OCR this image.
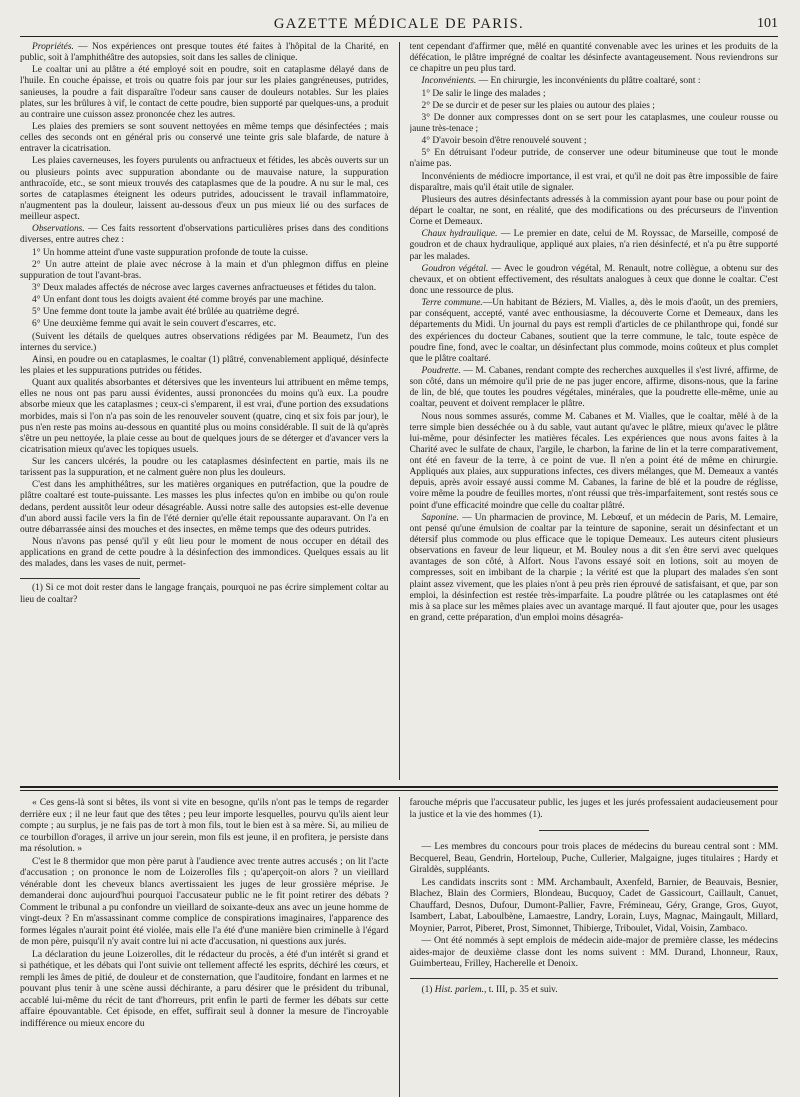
GAZETTE MÉDICALE DE PARIS.	101

Propriétés. — Nos expériences ont presque toutes été faites à l'hôpital de la Charité, en public, soit à l'amphithéâtre des autopsies, soit dans les salles de clinique.

Le coaltar uni au plâtre a été employé soit en poudre, soit en cataplasme délayé dans de l'huile. En couche épaisse, et trois ou quatre fois par jour sur les plaies gangréneuses, putrides, sanieuses, la poudre a fait disparaître l'odeur sans causer de douleurs notables. Sur les plaies plates, sur les brûlures à vif, le contact de cette poudre, bien supporté par quelques-uns, a produit au contraire une cuisson assez prononcée chez les autres.

Les plaies des premiers se sont souvent nettoyées en même temps que désinfectées ; mais celles des seconds ont en général pris ou conservé une teinte gris sale blafarde, de nature à entraver la cicatrisation.

Les plaies caverneuses, les foyers purulents ou anfractueux et fétides, les abcès ouverts sur un ou plusieurs points avec suppuration abondante ou de mauvaise nature, la suppuration anthracoïde, etc., se sont mieux trouvés des cataplasmes que de la poudre. A nu sur le mal, ces sortes de cataplasmes éteignent les odeurs putrides, adoucissent le travail inflammatoire, n'augmentent pas la douleur, laissent au-dessous d'eux un pus mieux lié ou des surfaces de meilleur aspect.

Observations. — Ces faits ressortent d'observations particulières prises dans des conditions diverses, entre autres chez :

1° Un homme atteint d'une vaste suppuration profonde de toute la cuisse.

2° Un autre atteint de plaie avec nécrose à la main et d'un phlegmon diffus en pleine suppuration de tout l'avant-bras.

3° Deux malades affectés de nécrose avec larges cavernes anfractueuses et fétides du talon.

4° Un enfant dont tous les doigts avaient été comme broyés par une machine.

5° Une femme dont toute la jambe avait été brûlée au quatrième degré.

6° Une deuxième femme qui avait le sein couvert d'escarres, etc.

(Suivent les détails de quelques autres observations rédigées par M. Beaumetz, l'un des internes du service.)

Ainsi, en poudre ou en cataplasmes, le coaltar (1) plâtré, convenablement appliqué, désinfecte les plaies et les suppurations putrides ou fétides.

Quant aux qualités absorbantes et détersives que les inventeurs lui attribuent en même temps, elles ne nous ont pas paru aussi évidentes, aussi prononcées du moins qu'à eux. La poudre absorbe mieux que les cataplasmes ; ceux-ci s'emparent, il est vrai, d'une portion des exsudations morbides, mais si l'on n'a pas soin de les renouveler souvent (quatre, cinq et six fois par jour), le pus n'en reste pas moins au-dessous en quantité plus ou moins considérable. Il suit de là qu'après s'être un peu nettoyée, la plaie cesse au bout de quelques jours de se déterger et d'avancer vers la cicatrisation mieux qu'avec les topiques usuels.

Sur les cancers ulcérés, la poudre ou les cataplasmes désinfectent en partie, mais ils ne tarissent pas la suppuration, et ne calment guère non plus les douleurs.

C'est dans les amphithéâtres, sur les matières organiques en putréfaction, que la poudre de plâtre coaltaré est toute-puissante. Les masses les plus infectes qu'on en imbibe ou qu'on roule dedans, perdent aussitôt leur odeur désagréable. Aussi notre salle des autopsies est-elle devenue d'un abord aussi facile vers la fin de l'été dernier qu'elle était repoussante auparavant. On l'a en outre débarrassée ainsi des mouches et des insectes, en même temps que des odeurs putrides.

Nous n'avons pas pensé qu'il y eût lieu pour le moment de nous occuper en détail des applications en grand de cette poudre à la désinfection des immondices. Quelques essais au lit des malades, dans les vases de nuit, permet-

(1) Si ce mot doit rester dans le langage français, pourquoi ne pas écrire simplement coltar au lieu de coaltar?

tent cependant d'affirmer que, mêlé en quantité convenable avec les urines et les produits de la défécation, le plâtre imprégné de coaltar les désinfecte avantageusement. Nous reviendrons sur ce chapitre un peu plus tard.

Inconvénients. — En chirurgie, les inconvénients du plâtre coaltaré, sont :

1° De salir le linge des malades ;

2° De se durcir et de peser sur les plaies ou autour des plaies ;

3° De donner aux compresses dont on se sert pour les cataplasmes, une couleur rousse ou jaune très-tenace ;

4° D'avoir besoin d'être renouvelé souvent ;

5° En détruisant l'odeur putride, de conserver une odeur bitumineuse que tout le monde n'aime pas.

Inconvénients de médiocre importance, il est vrai, et qu'il ne doit pas être impossible de faire disparaître, mais qu'il était utile de signaler.

Plusieurs des autres désinfectants adressés à la commission ayant pour base ou pour point de départ le coaltar, ne sont, en réalité, que des modifications ou des précurseurs de l'invention Corne et Demeaux.

Chaux hydraulique. — Le premier en date, celui de M. Royssac, de Marseille, composé de goudron et de chaux hydraulique, appliqué aux plaies, n'a rien désinfecté, et n'a pu être supporté par les malades.

Goudron végétal. — Avec le goudron végétal, M. Renault, notre collègue, a obtenu sur des chevaux, et on obtient effectivement, des résultats analogues à ceux que donne le coaltar. C'est donc une ressource de plus.

Terre commune.—Un habitant de Béziers, M. Vialles, a, dès le mois d'août, un des premiers, par conséquent, accepté, vanté avec enthousiasme, la découverte Corne et Demeaux, dans les départements du Midi. Un journal du pays est rempli d'articles de ce philanthrope qui, fondé sur des expériences du docteur Cabanes, soutient que la terre commune, le talc, toute espèce de poudre fine, fond, avec le coaltar, un désinfectant plus commode, moins coûteux et plus complet que le plâtre coaltaré.

Poudrette. — M. Cabanes, rendant compte des recherches auxquelles il s'est livré, affirme, de son côté, dans un mémoire qu'il prie de ne pas juger encore, affirme, disons-nous, que la farine de lin, de blé, que toutes les poudres végétales, minérales, que la poudrette elle-même, unie au coaltar, peuvent et doivent remplacer le plâtre.

Nous nous sommes assurés, comme M. Cabanes et M. Vialles, que le coaltar, mêlé à de la terre simple bien desséchée ou à du sable, vaut autant qu'avec le plâtre, mieux qu'avec le plâtre lui-même, pour désinfecter les matières fécales. Les expériences que nous avons faites à la Charité avec le sulfate de chaux, l'argile, le charbon, la farine de lin et la terre comparativement, ont été en faveur de la terre, à ce point de vue. Il n'en a point été de même en chirurgie. Appliqués aux plaies, aux suppurations infectes, ces divers mélanges, que M. Demeaux a vantés depuis, après avoir essayé aussi comme M. Cabanes, la farine de blé et la poudre de réglisse, voire même la poudre de feuilles mortes, n'ont réussi que très-imparfaitement, sont restés sous ce point d'une efficacité moindre que celle du coaltar plâtré.

Saponine. — Un pharmacien de province, M. Lebœuf, et un médecin de Paris, M. Lemaire, ont pensé qu'une émulsion de coaltar par la teinture de saponine, serait un désinfectant et un détersif plus commode ou plus efficace que le topique Demeaux. Les auteurs citent plusieurs observations en faveur de leur liqueur, et M. Bouley nous a dit s'en être servi avec quelques avantages de son côté, à Alfort. Nous l'avons essayé soit en lotions, soit au moyen de compresses, soit en imbibant de la charpie ; la vérité est que la plupart des malades s'en sont plaint assez vivement, que les plaies n'ont à peu près rien éprouvé de satisfaisant, et que, par son emploi, la désinfection est restée très-imparfaite. La poudre plâtrée ou les cataplasmes ont été mis à sa place sur les mêmes plaies avec un avantage marqué. Il faut ajouter que, pour les usages en grand, cette préparation, d'un emploi moins désagréa-

« Ces gens-là sont si bêtes, ils vont si vite en besogne, qu'ils n'ont pas le temps de regarder derrière eux ; il ne leur faut que des têtes ; peu leur importe lesquelles, pourvu qu'ils aient leur compte ; au surplus, je ne fais pas de tort à mon fils, tout le bien est à sa mère. Si, au milieu de ce tourbillon d'orages, il arrive un jour serein, mon fils est jeune, il en profitera, je persiste dans ma résolution. »

C'est le 8 thermidor que mon père parut à l'audience avec trente autres accusés ; on lit l'acte d'accusation ; on prononce le nom de Loizerolles fils ; qu'aperçoit-on alors ? un vieillard vénérable dont les cheveux blancs avertissaient les juges de leur grossière méprise. Je demanderai donc aujourd'hui pourquoi l'accusateur public ne le fit point retirer des débats ? Comment le tribunal a pu confondre un vieillard de soixante-deux ans avec un jeune homme de vingt-deux ? En m'assassinant comme complice de conspirations imaginaires, l'apparence des formes légales n'aurait point été violée, mais elle l'a été d'une manière bien criminelle à l'égard de mon père, puisqu'il n'y avait contre lui ni acte d'accusation, ni questions aux jurés.

La déclaration du jeune Loizerolles, dit le rédacteur du procès, a été d'un intérêt si grand et si pathétique, et les débats qui l'ont suivie ont tellement affecté les esprits, déchiré les cœurs, et rempli les âmes de pitié, de douleur et de consternation, que l'auditoire, fondant en larmes et ne pouvant plus tenir à une scène aussi déchirante, a paru désirer que le président du tribunal, accablé lui-même du récit de tant d'horreurs, prit enfin le parti de fermer les débats sur cette affaire épouvantable. Cet épisode, en effet, suffirait seul à donner la mesure de l'incroyable indifférence ou mieux encore du

farouche mépris que l'accusateur public, les juges et les jurés professaient audacieusement pour la justice et la vie des hommes (1).

— Les membres du concours pour trois places de médecins du bureau central sont : MM. Becquerel, Beau, Gendrin, Horteloup, Puche, Cullerier, Malgaigne, juges titulaires ; Hardy et Giraldès, suppléants.

Les candidats inscrits sont : MM. Archambault, Axenfeld, Barnier, de Beauvais, Besnier, Blachez, Blain des Cormiers, Blondeau, Bucquoy, Cadet de Gassicourt, Caillault, Canuet, Chauffard, Desnos, Dufour, Dumont-Pallier, Favre, Frémineau, Géry, Grange, Gros, Guyot, Isambert, Labat, Laboulbène, Lamaestre, Landry, Lorain, Luys, Magnac, Maingault, Millard, Moynier, Parrot, Piberet, Prost, Simonnet, Thibierge, Triboulet, Vidal, Voisin, Zambaco.

— Ont été nommés à sept emplois de médecin aide-major de première classe, les médecins aides-major de deuxième classe dont les noms suivent : MM. Durand, Lhonneur, Raux, Guimberteau, Frilley, Hacherelle et Denoix.

(1) Hist. parlem., t. III, p. 35 et suiv.
